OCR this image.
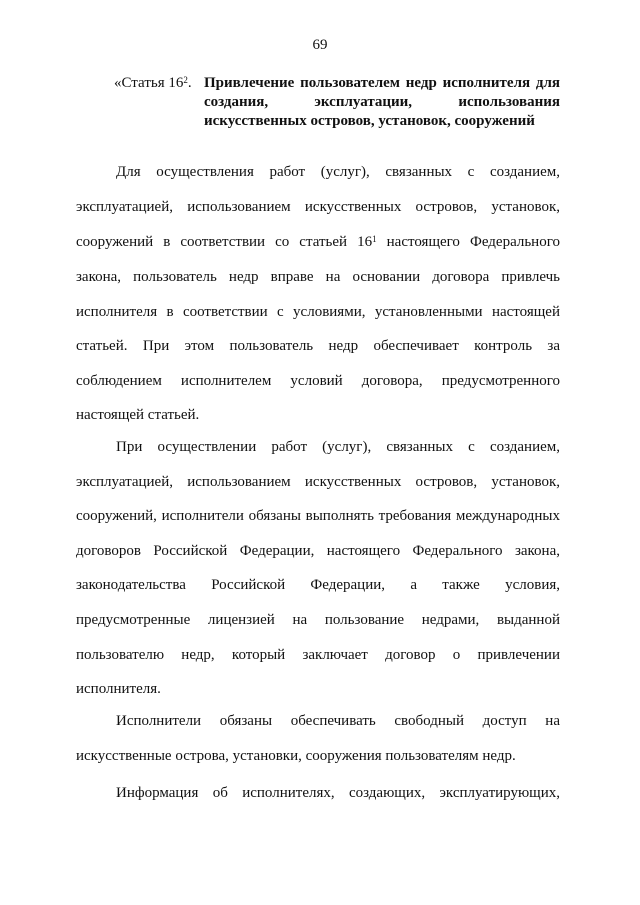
69
«Статья $16^2$. Привлечение пользователем недр исполнителя для
создания, эксплуатации, использования
искусственных островов, установок, сооружений
Для осуществления работ (услуг), связанных с созданием,
эксплуатацией, использованием искусственных островов, установок,
сооружений в соответствии со статьей $16^1$ настоящего Федерального
закона, пользователь недр вправе на основании договора привлечь
исполнителя в соответствии с условиями, установленными настоящей
статьей. При этом пользователь недр обеспечивает контроль за
соблюдением исполнителем условий договора, предусмотренного
настоящей статьей.
При осуществлении работ (услуг), связанных с созданием,
эксплуатацией, использованием искусственных островов, установок,
сооружений, исполнители обязаны выполнять требования международных
договоров Российской Федерации, настоящего Федерального закона,
законодательства Российской Федерации, а также условия,
предусмотренные лицензией на пользование недрами, выданной
пользователю недр, который заключает договор о привлечении
исполнителя.
Исполнители обязаны обеспечивать свободный доступ на
искусственные острова, установки, сооружения пользователям недр.
Информация об исполнителях, создающих, эксплуатирующих,
